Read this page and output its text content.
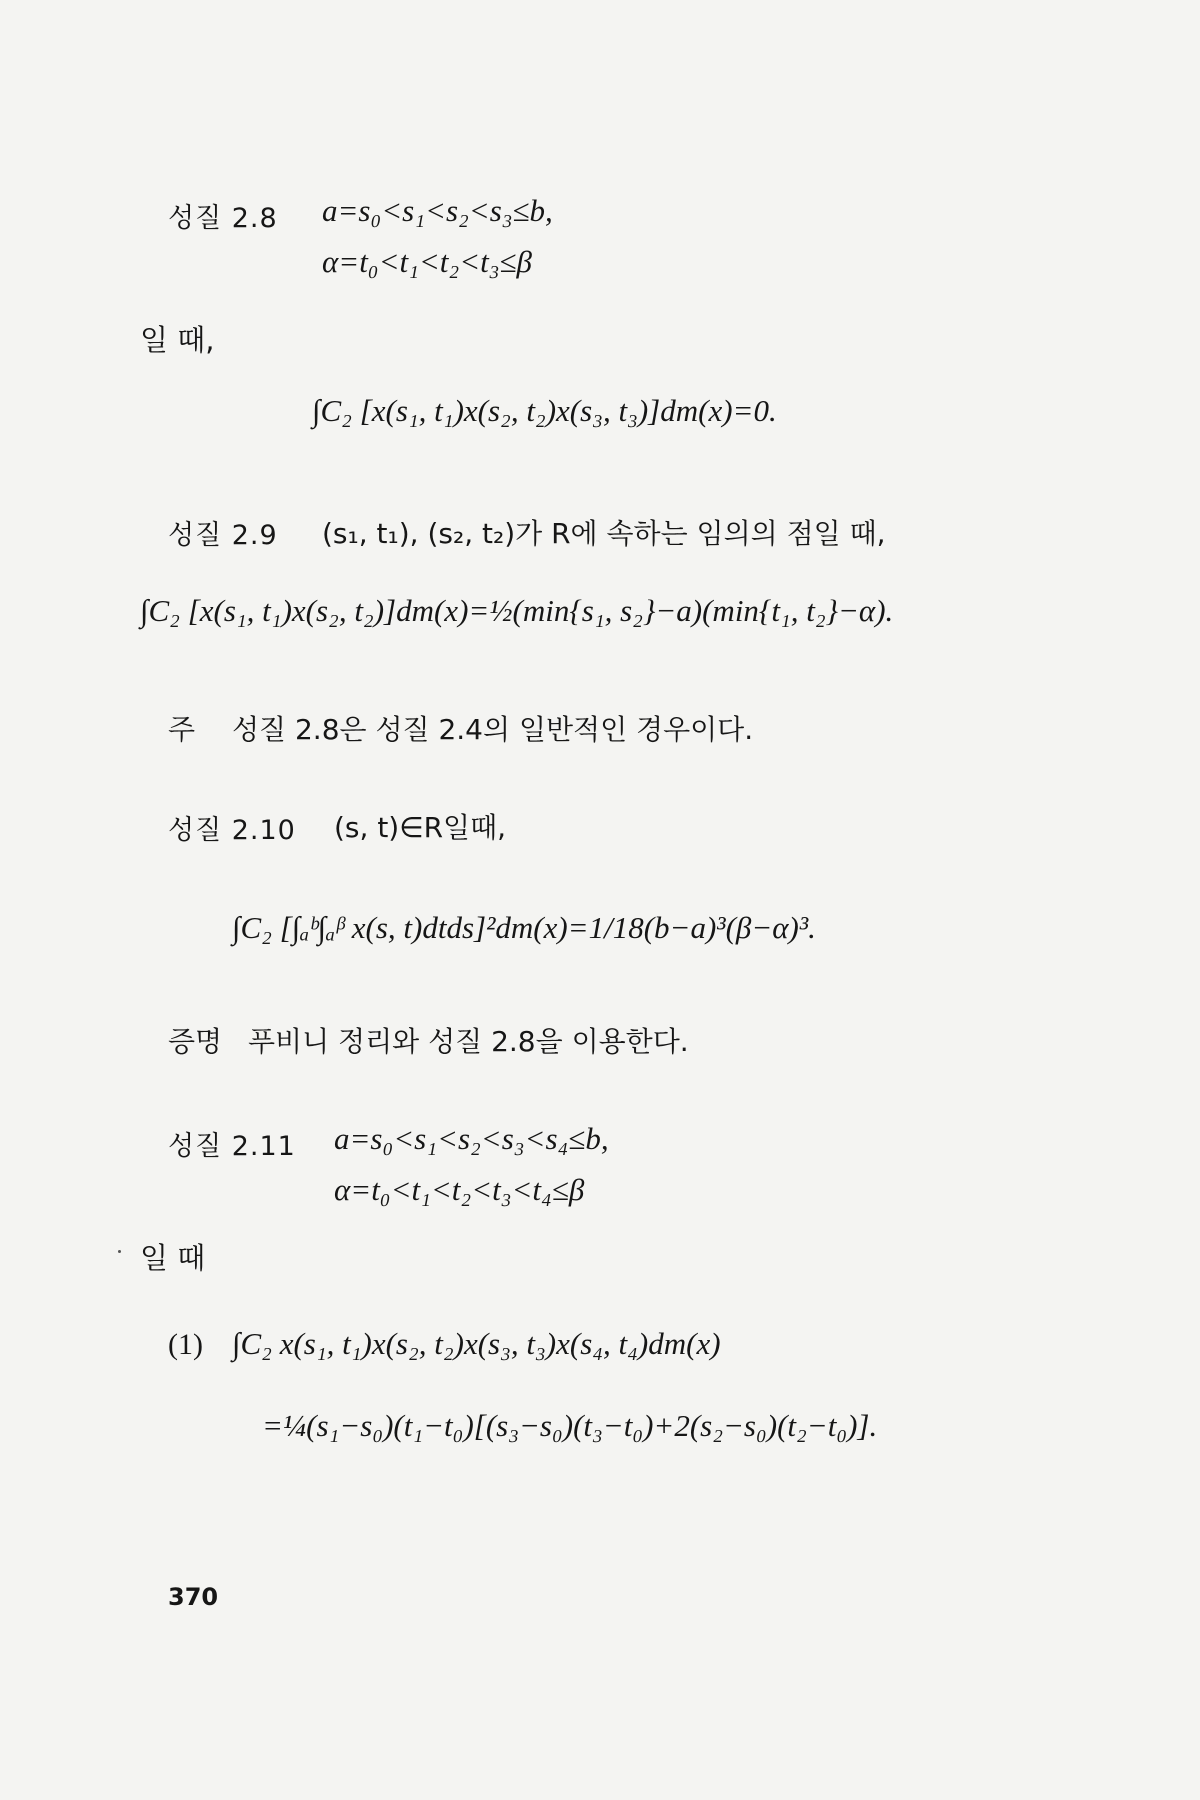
성질 2.8 a=s₀<s₁<s₂<s₃≤b,
α=t₀<t₁<t₂<t₃≤β
일 때,
∫C₂ [x(s₁, t₁)x(s₂, t₂)x(s₃, t₃)]dm(x)=0.
성질 2.9 (s₁, t₁), (s₂, t₂)가 R에 속하는 임의의 점일 때,
∫C₂ [x(s₁, t₁)x(s₂, t₂)]dm(x)=½(min{s₁, s₂}−a)(min{t₁, t₂}−α).
주 성질 2.8은 성질 2.4의 일반적인 경우이다.
성질 2.10 (s, t)∈R일때,
∫C₂ [∫ₐᵇ∫ₐᵝ x(s, t)dtds]²dm(x)=1/18(b−a)³(β−α)³.
증명 푸비니 정리와 성질 2.8을 이용한다.
성질 2.11 a=s₀<s₁<s₂<s₃<s₄≤b,
α=t₀<t₁<t₂<t₃<t₄≤β
일 때
(1) ∫C₂ x(s₁, t₁)x(s₂, t₂)x(s₃, t₃)x(s₄, t₄)dm(x)
=¼(s₁−s₀)(t₁−t₀)[(s₃−s₀)(t₃−t₀)+2(s₂−s₀)(t₂−t₀)].
370
